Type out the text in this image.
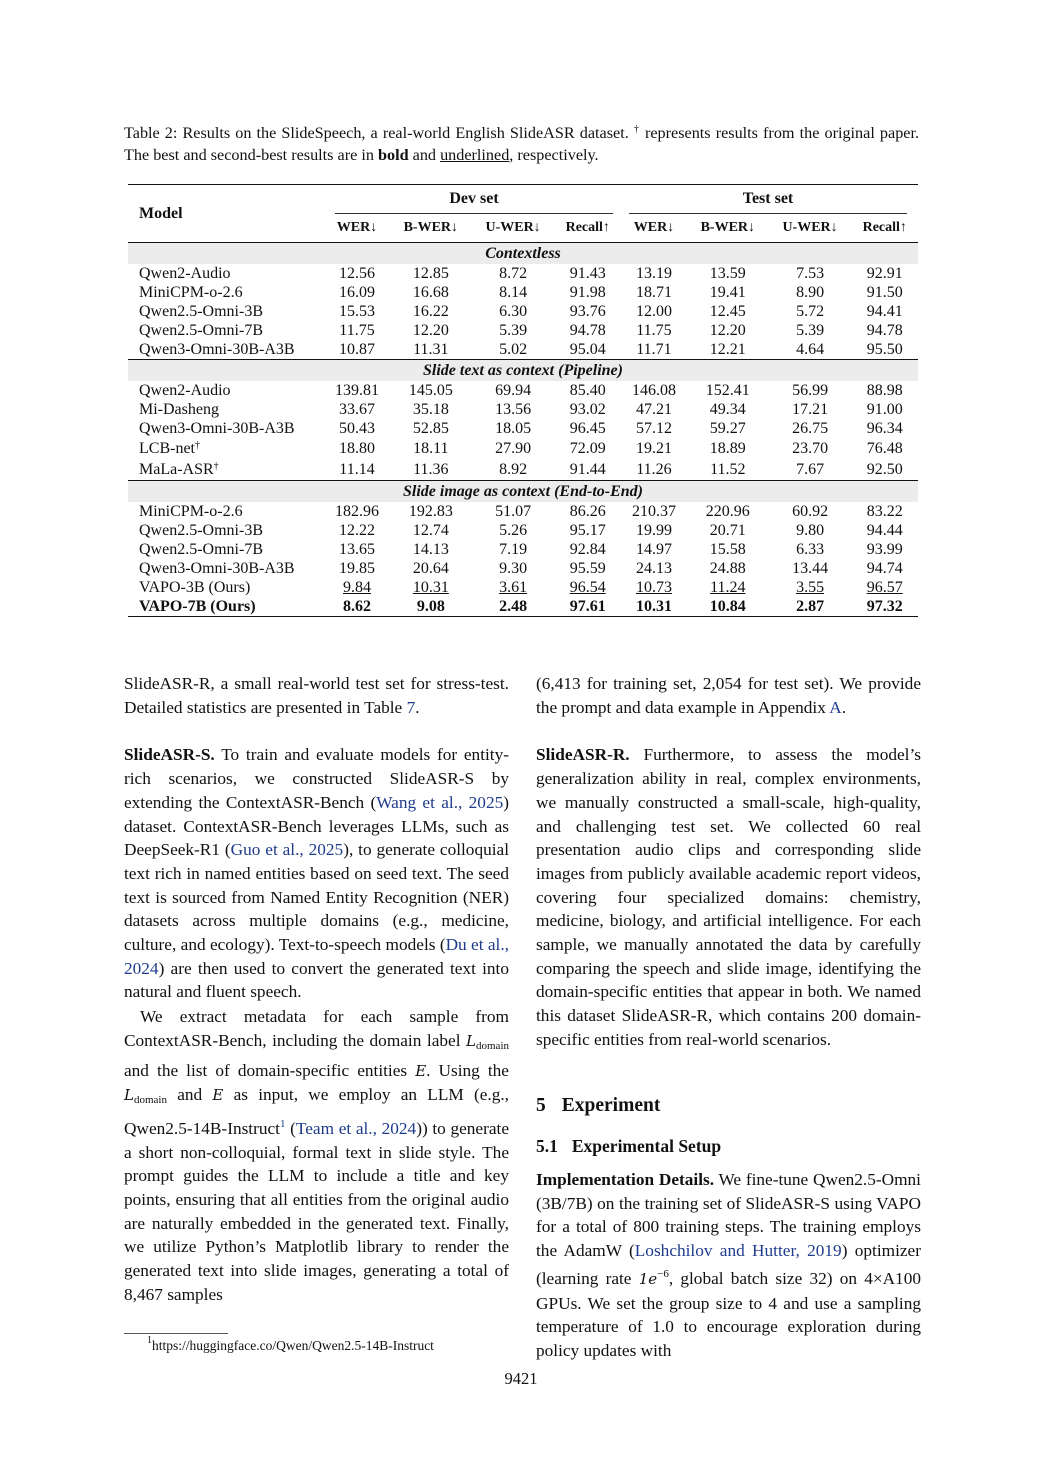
Table 2: Results on the SlideSpeech, a real-world English SlideASR dataset. † represents results from the original paper. The best and second-best results are in bold and underlined, respectively.
Model	Dev set				Test set			

	WER↓	B-WER↓	U-WER↓	Recall↑	WER↓	B-WER↓	U-WER↓	Recall↑
Contextless								
Qwen2-Audio	12.56	12.85	8.72	91.43	13.19	13.59	7.53	92.91
MiniCPM-o-2.6	16.09	16.68	8.14	91.98	18.71	19.41	8.90	91.50
Qwen2.5-Omni-3B	15.53	16.22	6.30	93.76	12.00	12.45	5.72	94.41
Qwen2.5-Omni-7B	11.75	12.20	5.39	94.78	11.75	12.20	5.39	94.78
Qwen3-Omni-30B-A3B	10.87	11.31	5.02	95.04	11.71	12.21	4.64	95.50
Slide text as context (Pipeline)								
Qwen2-Audio	139.81	145.05	69.94	85.40	146.08	152.41	56.99	88.98
Mi-Dasheng	33.67	35.18	13.56	93.02	47.21	49.34	17.21	91.00
Qwen3-Omni-30B-A3B	50.43	52.85	18.05	96.45	57.12	59.27	26.75	96.34
LCB-net†	18.80	18.11	27.90	72.09	19.21	18.89	23.70	76.48
MaLa-ASR†	11.14	11.36	8.92	91.44	11.26	11.52	7.67	92.50
Slide image as context (End-to-End)								
MiniCPM-o-2.6	182.96	192.83	51.07	86.26	210.37	220.96	60.92	83.22
Qwen2.5-Omni-3B	12.22	12.74	5.26	95.17	19.99	20.71	9.80	94.44
Qwen2.5-Omni-7B	13.65	14.13	7.19	92.84	14.97	15.58	6.33	93.99
Qwen3-Omni-30B-A3B	19.85	20.64	9.30	95.59	24.13	24.88	13.44	94.74
VAPO-3B (Ours)	9.84	10.31	3.61	96.54	10.73	11.24	3.55	96.57
VAPO-7B (Ours)	8.62	9.08	2.48	97.61	10.31	10.84	2.87	97.32

SlideASR-R, a small real-world test set for stress-test. Detailed statistics are presented in Table 7.

SlideASR-S. To train and evaluate models for entity-rich scenarios, we constructed SlideASR-S by extending the ContextASR-Bench (Wang et al., 2025) dataset. ContextASR-Bench leverages LLMs, such as DeepSeek-R1 (Guo et al., 2025), to generate colloquial text rich in named entities based on seed text. The seed text is sourced from Named Entity Recognition (NER) datasets across multiple domains (e.g., medicine, culture, and ecology). Text-to-speech models (Du et al., 2024) are then used to convert the generated text into natural and fluent speech.

We extract metadata for each sample from ContextASR-Bench, including the domain label $L_{domain}$ and the list of domain-specific entities E. Using the $L_{domain}$ and E as input, we employ an LLM (e.g., Qwen2.5-14B-Instruct$^1$ (Team et al., 2024)) to generate a short non-colloquial, formal text in slide style. The prompt guides the LLM to include a title and key points, ensuring that all entities from the original audio are naturally embedded in the generated text. Finally, we utilize Python’s Matplotlib library to render the generated text into slide images, generating a total of 8,467 samples

(6,413 for training set, 2,054 for test set). We provide the prompt and data example in Appendix A.

SlideASR-R. Furthermore, to assess the model’s generalization ability in real, complex environments, we manually constructed a small-scale, high-quality, and challenging test set. We collected 60 real presentation audio clips and corresponding slide images from publicly available academic report videos, covering four specialized domains: chemistry, medicine, biology, and artificial intelligence. For each sample, we manually annotated the data by carefully comparing the speech and slide image, identifying the domain-specific entities that appear in both. We named this dataset SlideASR-R, which contains 200 domain-specific entities from real-world scenarios.

5 Experiment
5.1 Experimental Setup

Implementation Details. We fine-tune Qwen2.5-Omni (3B/7B) on the training set of SlideASR-S using VAPO for a total of 800 training steps. The training employs the AdamW (Loshchilov and Hutter, 2019) optimizer (learning rate $1e^{-6}$, global batch size 32) on 4×A100 GPUs. We set the group size to 4 and use a sampling temperature of 1.0 to encourage exploration during policy updates with

$^1$https://huggingface.co/Qwen/Qwen2.5-14B-Instruct
9421
